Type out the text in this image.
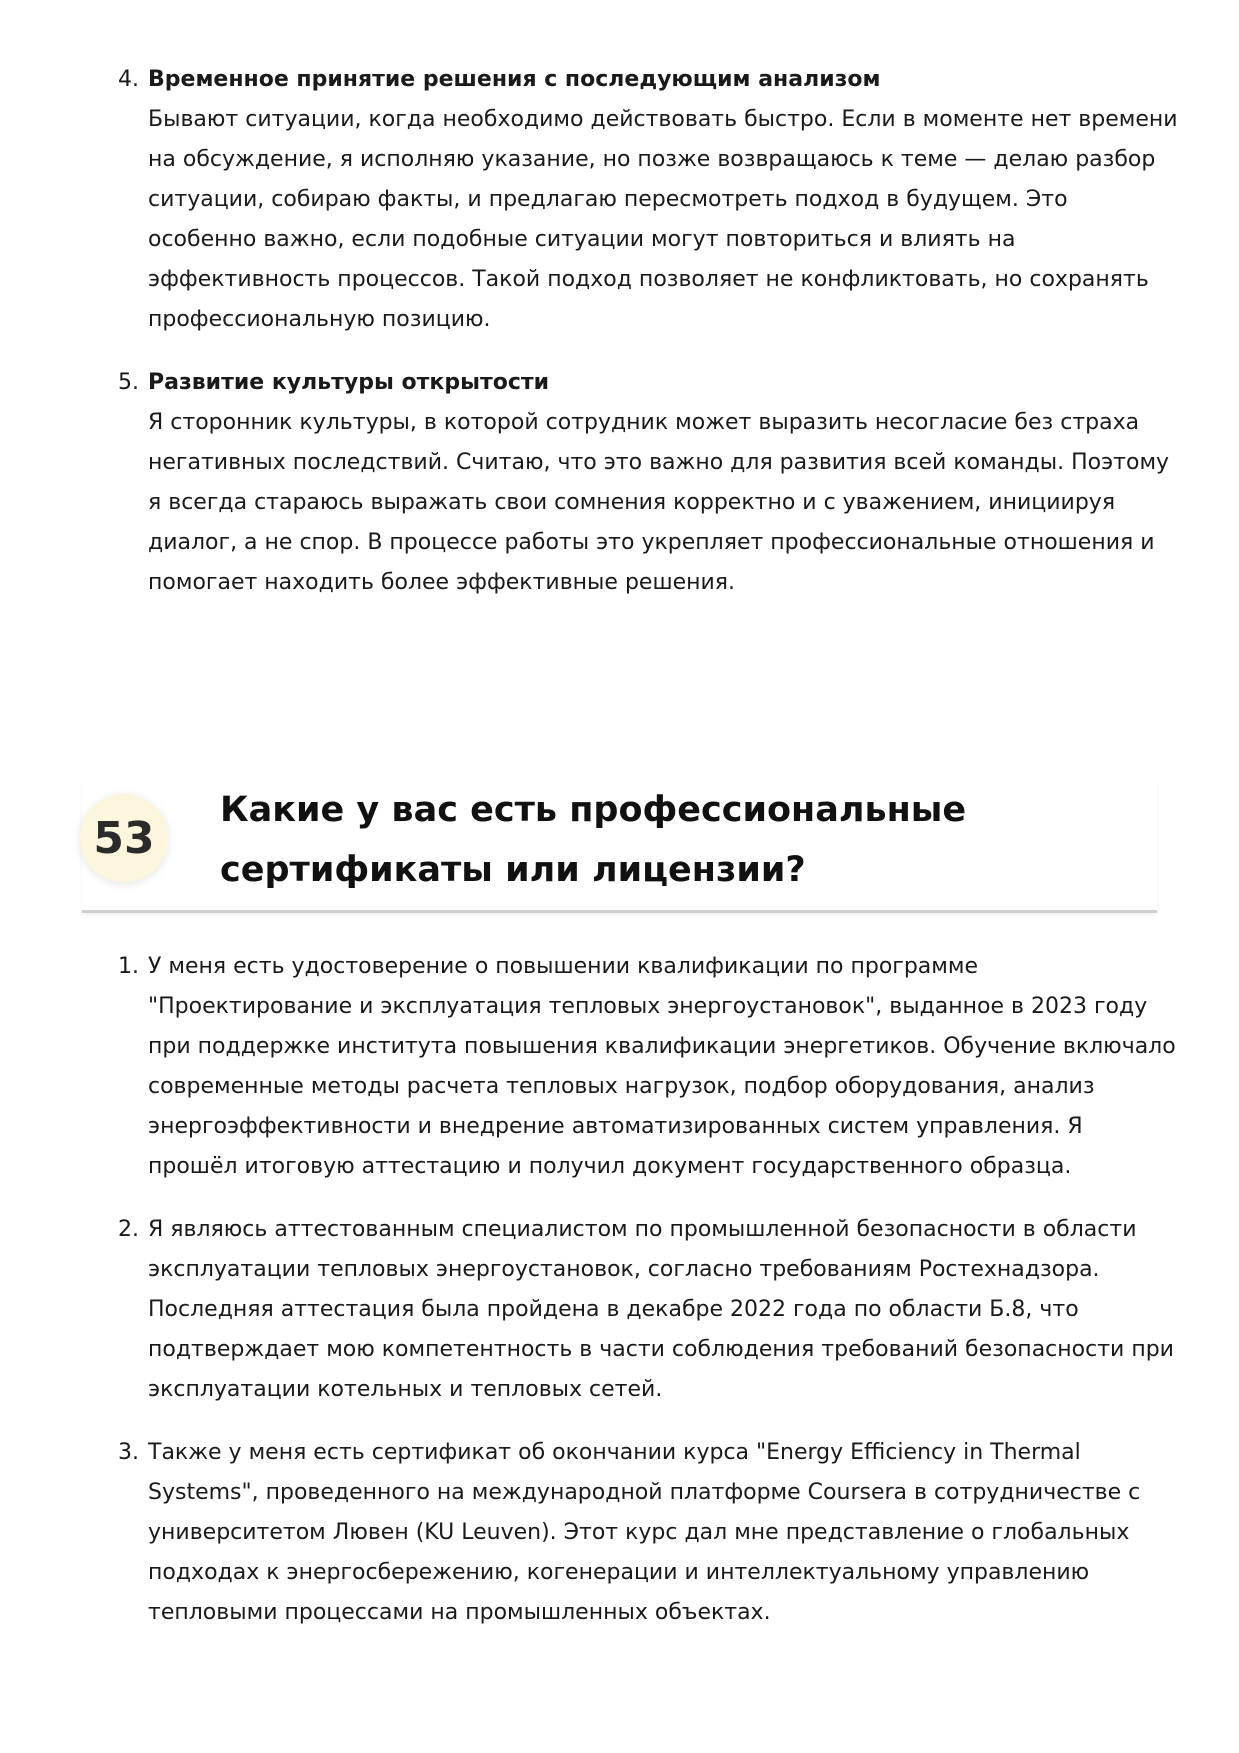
4. Временное принятие решения с последующим анализом
Бывают ситуации, когда необходимо действовать быстро. Если в моменте нет времени на обсуждение, я исполняю указание, но позже возвращаюсь к теме — делаю разбор ситуации, собираю факты, и предлагаю пересмотреть подход в будущем. Это особенно важно, если подобные ситуации могут повториться и влиять на эффективность процессов. Такой подход позволяет не конфликтовать, но сохранять профессиональную позицию.
5. Развитие культуры открытости
Я сторонник культуры, в которой сотрудник может выразить несогласие без страха негативных последствий. Считаю, что это важно для развития всей команды. Поэтому я всегда стараюсь выражать свои сомнения корректно и с уважением, инициируя диалог, а не спор. В процессе работы это укрепляет профессиональные отношения и помогает находить более эффективные решения.
53
Какие у вас есть профессиональные сертификаты или лицензии?
1. У меня есть удостоверение о повышении квалификации по программе "Проектирование и эксплуатация тепловых энергоустановок", выданное в 2023 году при поддержке института повышения квалификации энергетиков. Обучение включало современные методы расчета тепловых нагрузок, подбор оборудования, анализ энергоэффективности и внедрение автоматизированных систем управления. Я прошёл итоговую аттестацию и получил документ государственного образца.
2. Я являюсь аттестованным специалистом по промышленной безопасности в области эксплуатации тепловых энергоустановок, согласно требованиям Ростехнадзора. Последняя аттестация была пройдена в декабре 2022 года по области Б.8, что подтверждает мою компетентность в части соблюдения требований безопасности при эксплуатации котельных и тепловых сетей.
3. Также у меня есть сертификат об окончании курса "Energy Efficiency in Thermal Systems", проведенного на международной платформе Coursera в сотрудничестве с университетом Лювен (KU Leuven). Этот курс дал мне представление о глобальных подходах к энергосбережению, когенерации и интеллектуальному управлению тепловыми процессами на промышленных объектах.
